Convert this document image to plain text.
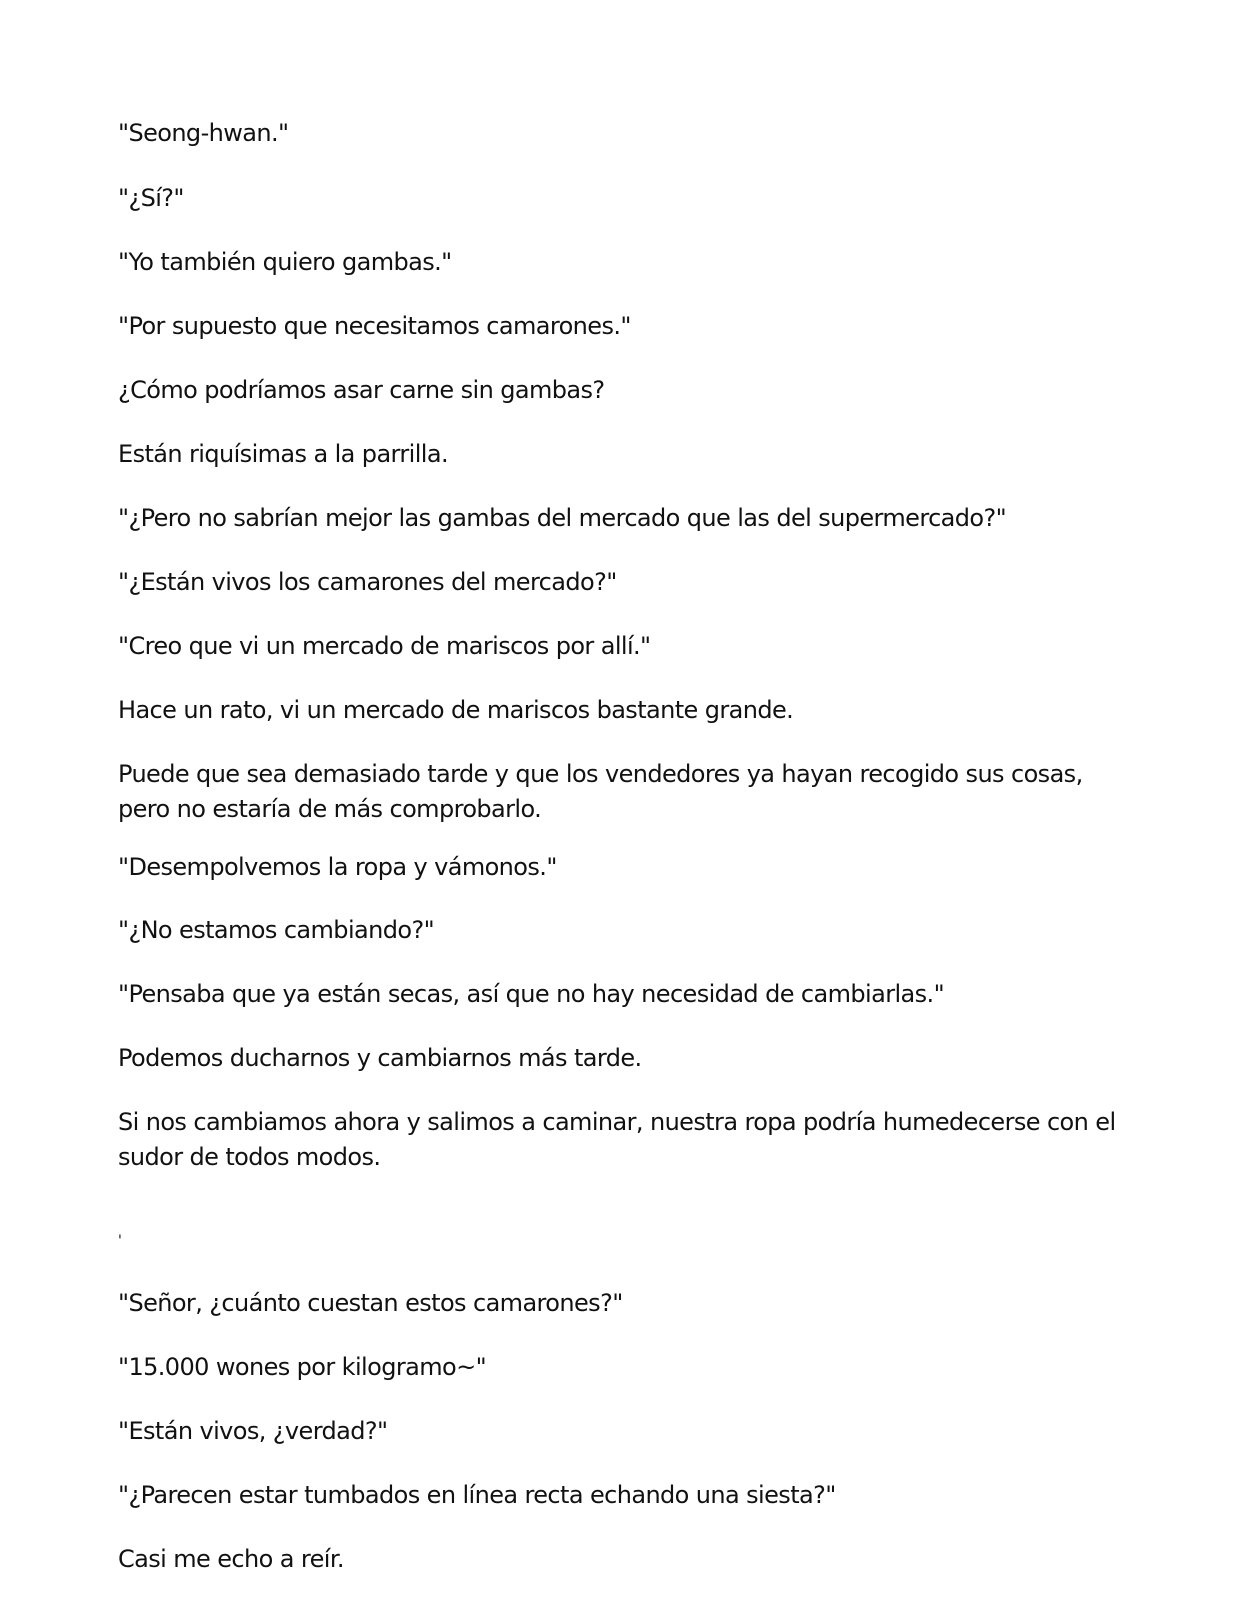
"Seong-hwan."

"¿Sí?"

"Yo también quiero gambas."

"Por supuesto que necesitamos camarones."

¿Cómo podríamos asar carne sin gambas?

Están riquísimas a la parrilla.

"¿Pero no sabrían mejor las gambas del mercado que las del supermercado?"

"¿Están vivos los camarones del mercado?"

"Creo que vi un mercado de mariscos por allí."

Hace un rato, vi un mercado de mariscos bastante grande.

Puede que sea demasiado tarde y que los vendedores ya hayan recogido sus cosas, pero no estaría de más comprobarlo.

"Desempolvemos la ropa y vámonos."

"¿No estamos cambiando?"

"Pensaba que ya están secas, así que no hay necesidad de cambiarlas."

Podemos ducharnos y cambiarnos más tarde.

Si nos cambiamos ahora y salimos a caminar, nuestra ropa podría humedecerse con el sudor de todos modos.

'

"Señor, ¿cuánto cuestan estos camarones?"

"15.000 wones por kilogramo~"

"Están vivos, ¿verdad?"

"¿Parecen estar tumbados en línea recta echando una siesta?"

Casi me echo a reír.
